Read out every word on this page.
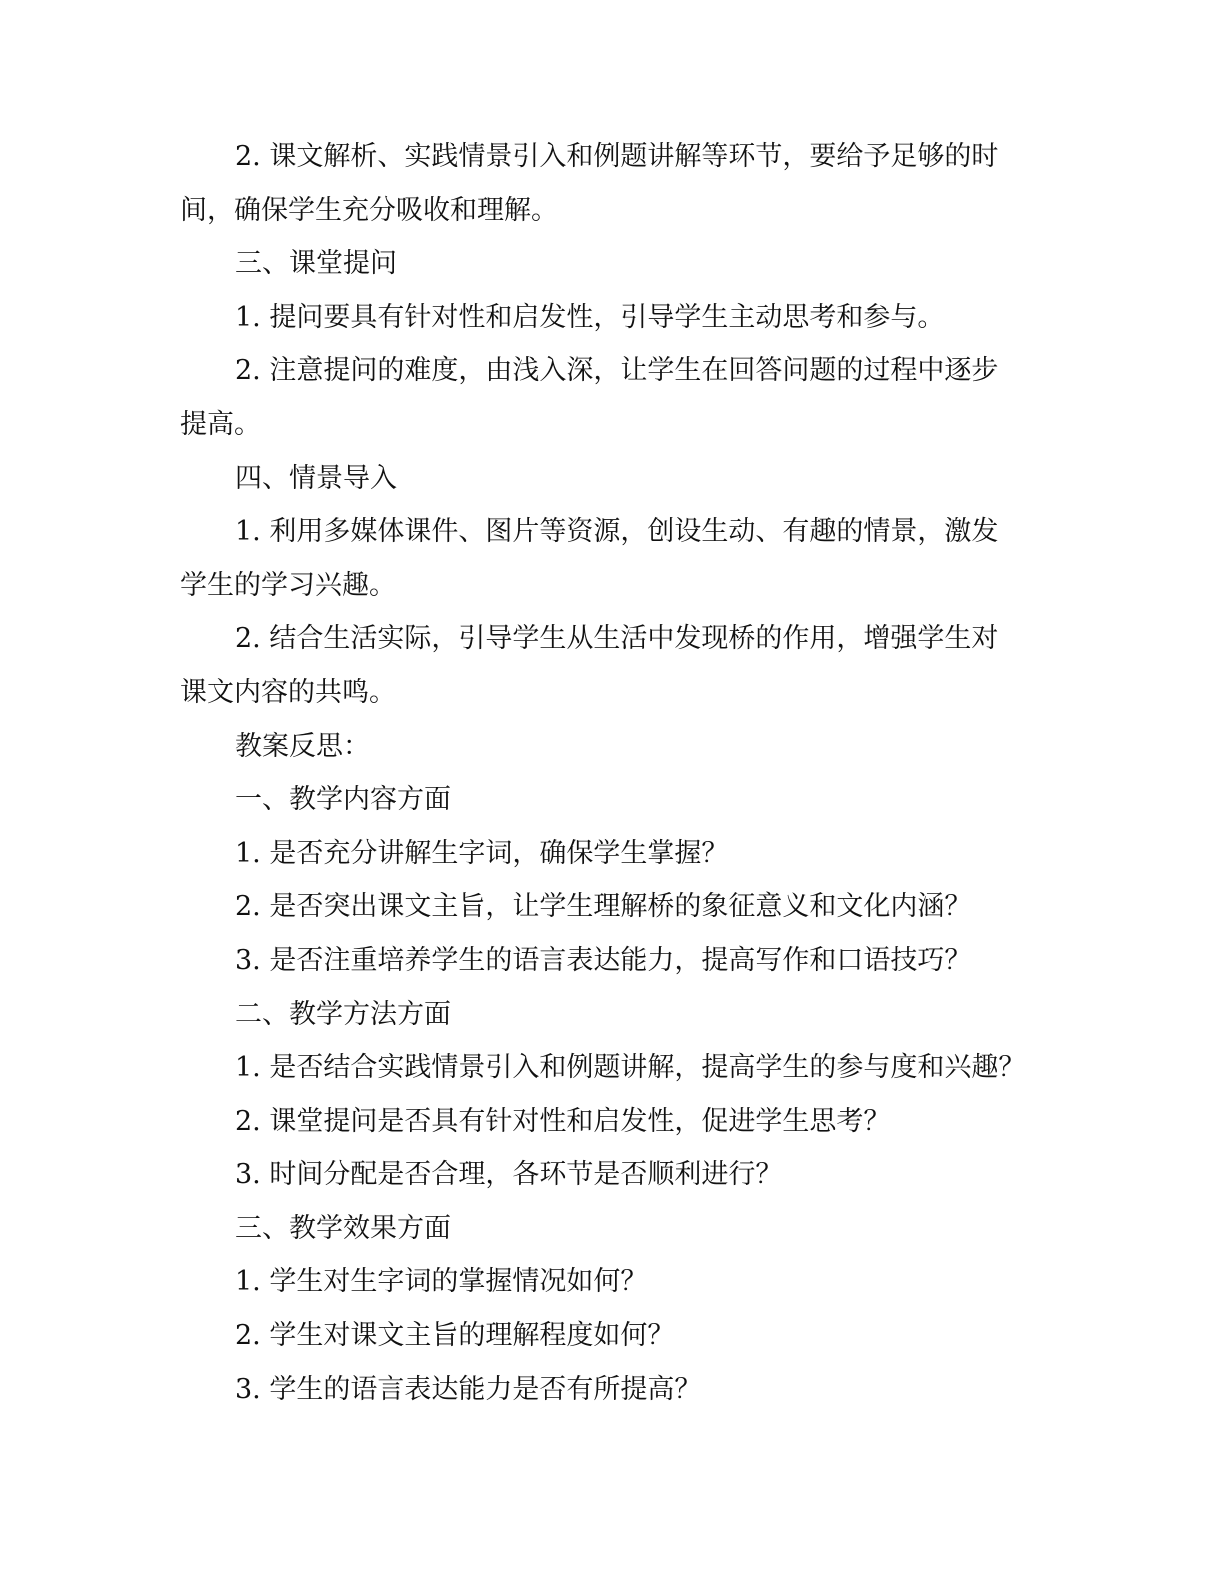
2. 课文解析、实践情景引入和例题讲解等环节，要给予足够的时

间，确保学生充分吸收和理解。

三、课堂提问

1. 提问要具有针对性和启发性，引导学生主动思考和参与。

2. 注意提问的难度，由浅入深，让学生在回答问题的过程中逐步

提高。

四、情景导入

1. 利用多媒体课件、图片等资源，创设生动、有趣的情景，激发

学生的学习兴趣。

2. 结合生活实际，引导学生从生活中发现桥的作用，增强学生对

课文内容的共鸣。

教案反思：

一、教学内容方面

1. 是否充分讲解生字词，确保学生掌握？

2. 是否突出课文主旨，让学生理解桥的象征意义和文化内涵？

3. 是否注重培养学生的语言表达能力，提高写作和口语技巧？

二、教学方法方面

1. 是否结合实践情景引入和例题讲解，提高学生的参与度和兴趣？

2. 课堂提问是否具有针对性和启发性，促进学生思考？

3. 时间分配是否合理，各环节是否顺利进行？

三、教学效果方面

1. 学生对生字词的掌握情况如何？

2. 学生对课文主旨的理解程度如何？

3. 学生的语言表达能力是否有所提高？
